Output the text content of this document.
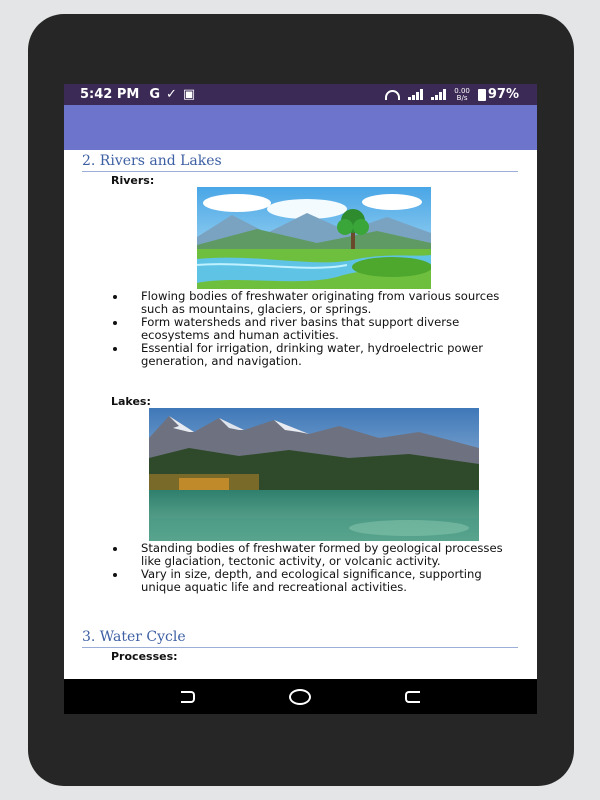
5:42 PM G ✓ ▣	0.00
B/s 97%
2. Rivers and Lakes
Rivers:
Flowing bodies of freshwater originating from various sources such as mountains, glaciers, or springs.
Form watersheds and river basins that support diverse ecosystems and human activities.
Essential for irrigation, drinking water, hydroelectric power generation, and navigation.
Lakes:
Standing bodies of freshwater formed by geological processes like glaciation, tectonic activity, or volcanic activity.
Vary in size, depth, and ecological significance, supporting unique aquatic life and recreational activities.
3. Water Cycle
Processes:
